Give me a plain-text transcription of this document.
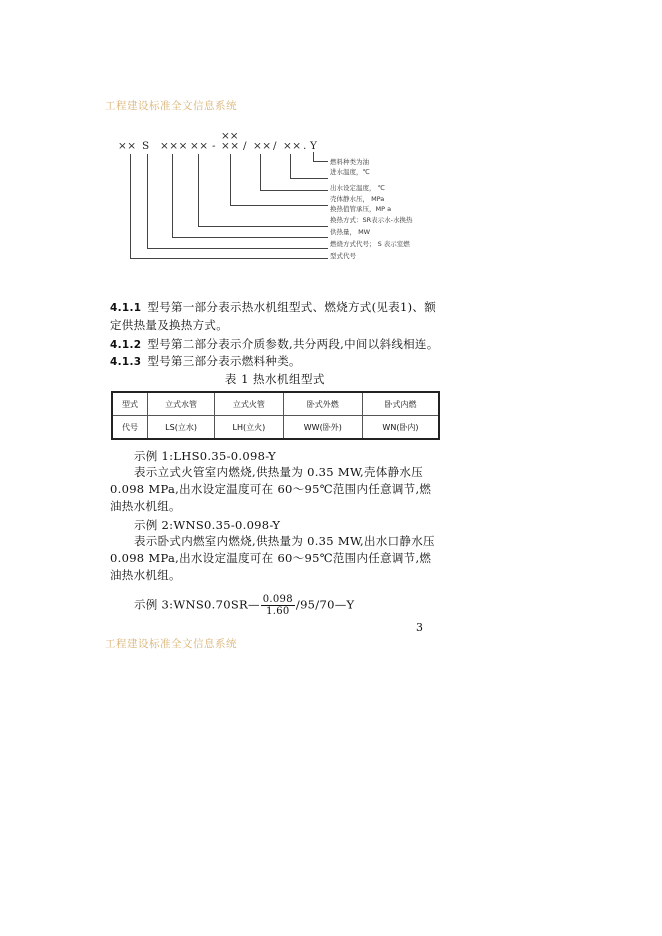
工程建设标准全文信息系统
××
×× S ××× ×× - ×× / ×× / ×× . Y
燃料种类为油
进水温度，℃
出水设定温度， ℃
壳体静水压， MPa
换热值管承压，MP a
换热方式：SR表示水-水换热
供热量， MW
燃烧方式代号； S 表示室燃
型式代号
4.1.1 型号第一部分表示热水机组型式、燃烧方式(见表1)、额定供热量及换热方式。
4.1.2 型号第二部分表示介质参数,共分两段,中间以斜线相连。
4.1.3 型号第三部分表示燃料种类。
表 1 热水机组型式
型式	立式水管	立式火管	卧式外燃	卧式内燃
代号	LS(立水)	LH(立火)	WW(卧外)	WN(卧内)
示例 1:LHS0.35-0.098-Y
表示立式火管室内燃烧,供热量为 0.35 MW,壳体静水压 0.098 MPa,出水设定温度可在 60～95℃范围内任意调节,燃油热水机组。
示例 2:WNS0.35-0.098-Y
表示卧式内燃室内燃烧,供热量为 0.35 MW,出水口静水压 0.098 MPa,出水设定温度可在 60～95℃范围内任意调节,燃油热水机组。
示例 3:WNS0.70SR— $\frac{0.098}{1.60}$ /95/70—Y
3
工程建设标准全文信息系统
